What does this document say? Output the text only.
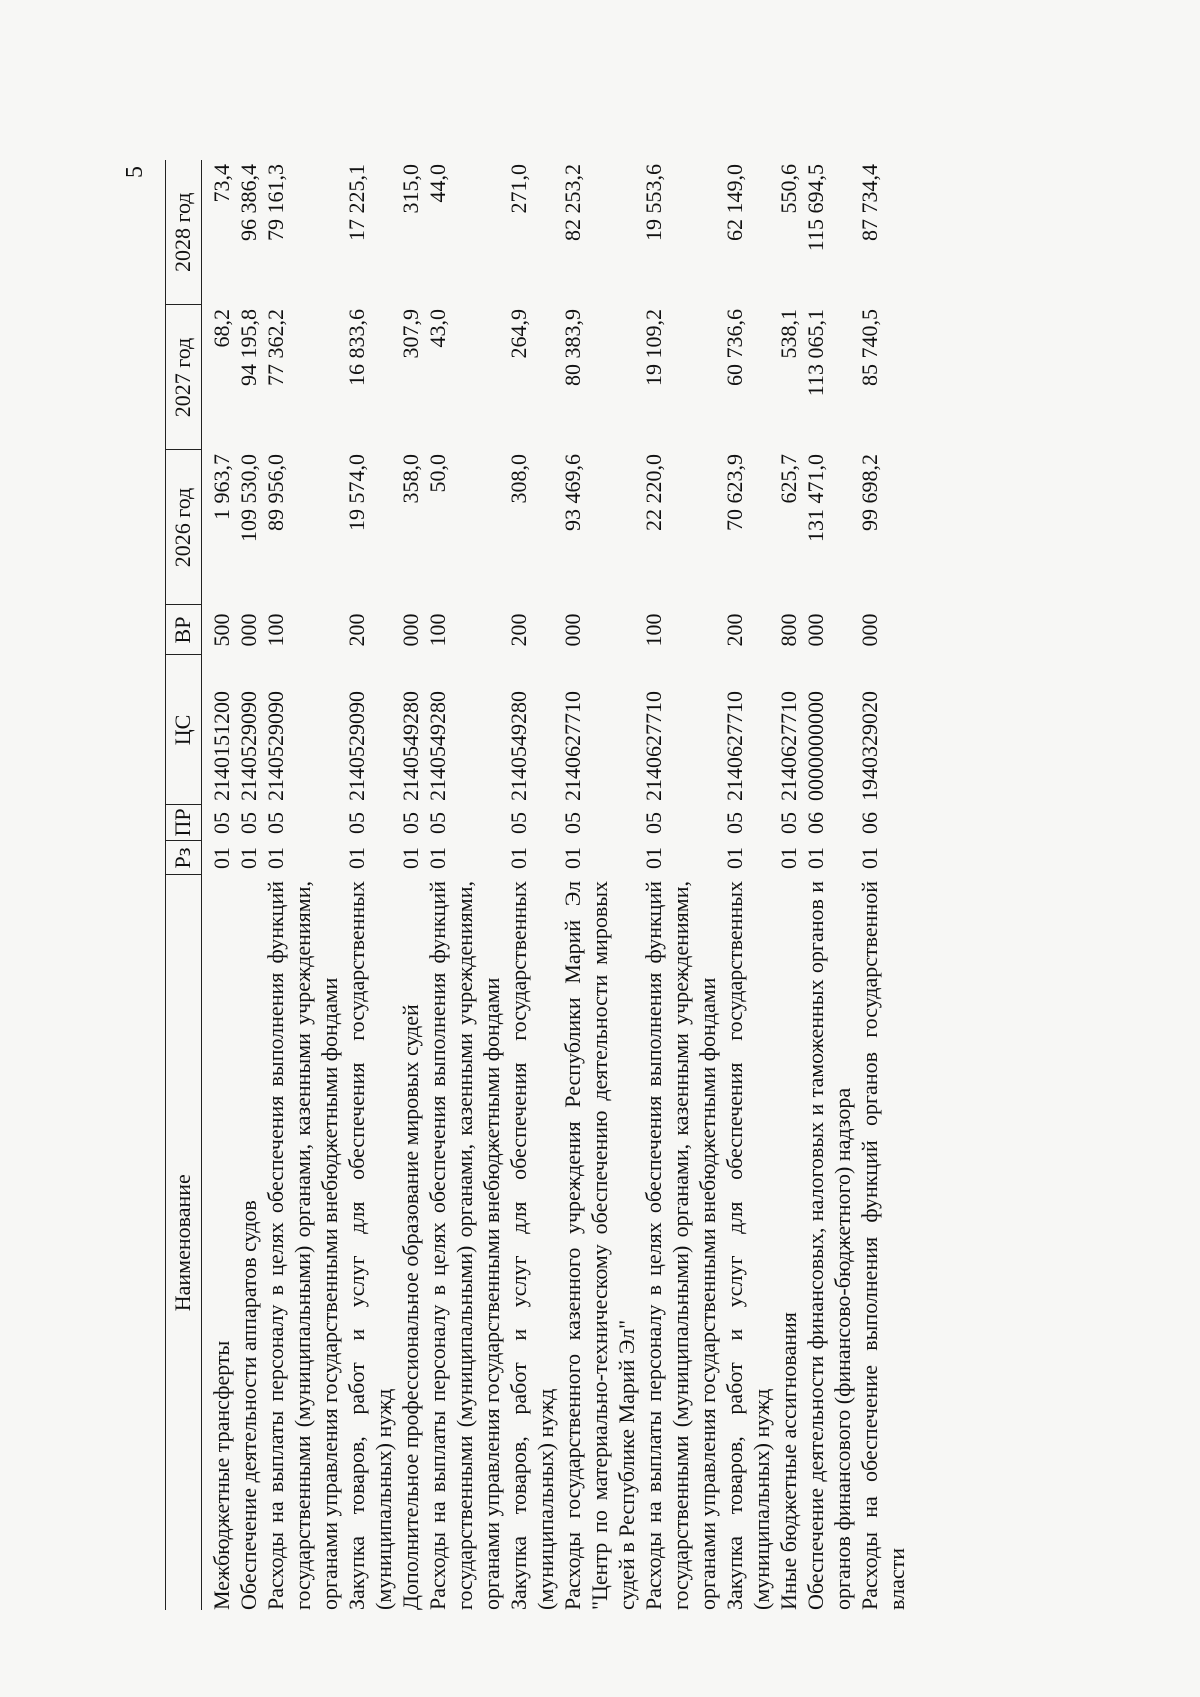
5
Наименование	Рз	ПР	ЦС	ВР	2026 год	2027 год	2028 год
Межбюджетные трансферты	01	05	2140151200	500	1 963,7	68,2	73,4
Обеспечение деятельности аппаратов судов	01	05	2140529090	000	109 530,0	94 195,8	96 386,4
Расходы на выплаты персоналу в целях обеспечения выполнения функций государственными (муниципальными) органами, казенными учреждениями, органами управления государственными внебюджетными фондами	01	05	2140529090	100	89 956,0	77 362,2	79 161,3
Закупка товаров, работ и услуг для обеспечения государственных (муниципальных) нужд	01	05	2140529090	200	19 574,0	16 833,6	17 225,1
Дополнительное профессиональное образование мировых судей	01	05	2140549280	000	358,0	307,9	315,0
Расходы на выплаты персоналу в целях обеспечения выполнения функций государственными (муниципальными) органами, казенными учреждениями, органами управления государственными внебюджетными фондами	01	05	2140549280	100	50,0	43,0	44,0
Закупка товаров, работ и услуг для обеспечения государственных (муниципальных) нужд	01	05	2140549280	200	308,0	264,9	271,0
Расходы государственного казенного учреждения Республики Марий Эл "Центр по материально-техническому обеспечению деятельности мировых судей в Республике Марий Эл"	01	05	2140627710	000	93 469,6	80 383,9	82 253,2
Расходы на выплаты персоналу в целях обеспечения выполнения функций государственными (муниципальными) органами, казенными учреждениями, органами управления государственными внебюджетными фондами	01	05	2140627710	100	22 220,0	19 109,2	19 553,6
Закупка товаров, работ и услуг для обеспечения государственных (муниципальных) нужд	01	05	2140627710	200	70 623,9	60 736,6	62 149,0
Иные бюджетные ассигнования	01	05	2140627710	800	625,7	538,1	550,6
Обеспечение деятельности финансовых, налоговых и таможенных органов и органов финансового (финансово-бюджетного) надзора	01	06	0000000000	000	131 471,0	113 065,1	115 694,5
Расходы на обеспечение выполнения функций органов государственной власти	01	06	1940329020	000	99 698,2	85 740,5	87 734,4
